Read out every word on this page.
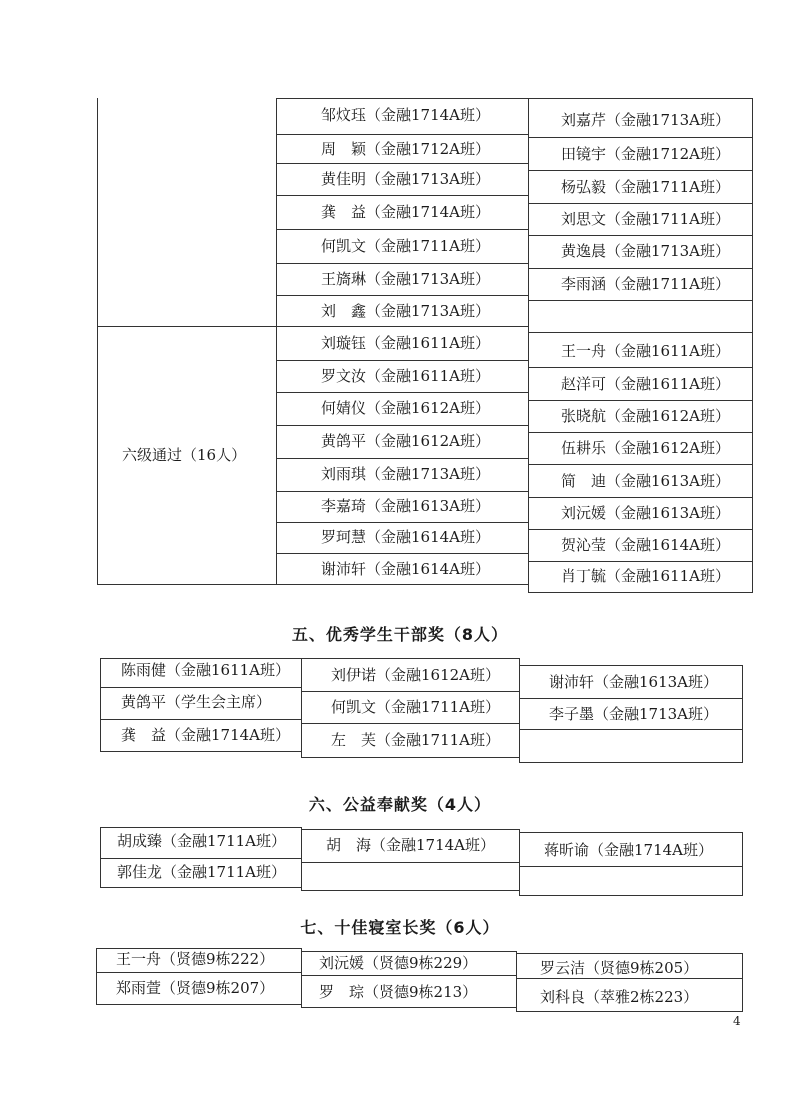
六级通过（16人）
邹炆珏（金融1714A班）
周　颖（金融1712A班）
黄佳明（金融1713A班）
龚　益（金融1714A班）
何凯文（金融1711A班）
王旖琳（金融1713A班）
刘　鑫（金融1713A班）
刘璇钰（金融1611A班）
罗文汝（金融1611A班）
何婧仪（金融1612A班）
黄鸽平（金融1612A班）
刘雨琪（金融1713A班）
李嘉琦（金融1613A班）
罗珂慧（金融1614A班）
谢沛轩（金融1614A班）
刘嘉芹（金融1713A班）
田镜宇（金融1712A班）
杨弘毅（金融1711A班）
刘思文（金融1711A班）
黄逸晨（金融1713A班）
李雨涵（金融1711A班）
王一舟（金融1611A班）
赵洋可（金融1611A班）
张晓航（金融1612A班）
伍耕乐（金融1612A班）
简　迪（金融1613A班）
刘沅媛（金融1613A班）
贺沁莹（金融1614A班）
肖丁毓（金融1611A班）
五、优秀学生干部奖（8人）
陈雨健（金融1611A班）
黄鸽平（学生会主席）
龚　益（金融1714A班）
刘伊诺（金融1612A班）
何凯文（金融1711A班）
左　芙（金融1711A班）
谢沛轩（金融1613A班）
李子墨（金融1713A班）
六、公益奉献奖（4人）
胡成臻（金融1711A班）
郭佳龙（金融1711A班）
胡　海（金融1714A班）	蒋昕谕（金融1714A班）
七、十佳寝室长奖（6人）
王一舟（贤德9栋222）
郑雨萱（贤德9栋207）
刘沅媛（贤德9栋229）
罗　琮（贤德9栋213）
罗云洁（贤德9栋205）
刘科良（萃雅2栋223）
4
